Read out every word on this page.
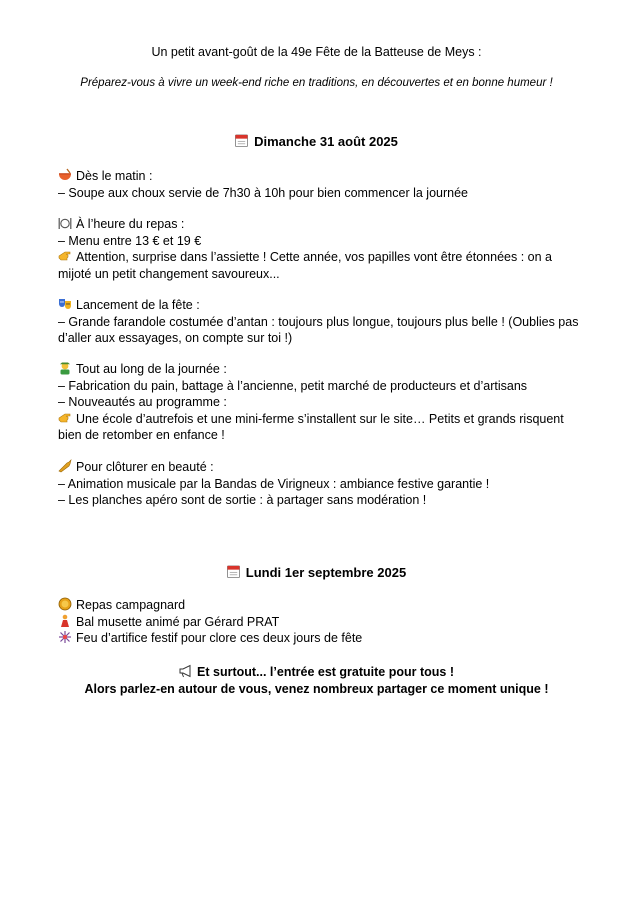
Un petit avant-goût de la 49e Fête de la Batteuse de Meys :
Préparez-vous à vivre un week-end riche en traditions, en découvertes et en bonne humeur !
Dimanche 31 août 2025
Dès le matin :
– Soupe aux choux servie de 7h30 à 10h pour bien commencer la journée
À l’heure du repas :
– Menu entre 13 € et 19 €
Attention, surprise dans l’assiette ! Cette année, vos papilles vont être étonnées : on a mijoté un petit changement savoureux...
Lancement de la fête :
– Grande farandole costumée d’antan : toujours plus longue, toujours plus belle ! (Oublies pas d’aller aux essayages, on compte sur toi !)
Tout au long de la journée :
– Fabrication du pain, battage à l’ancienne, petit marché de producteurs et d’artisans
– Nouveautés au programme :
Une école d’autrefois et une mini-ferme s’installent sur le site… Petits et grands risquent bien de retomber en enfance !
Pour clôturer en beauté :
– Animation musicale par la Bandas de Virigneux : ambiance festive garantie !
– Les planches apéro sont de sortie : à partager sans modération !
Lundi 1er septembre 2025
Repas campagnard
Bal musette animé par Gérard PRAT
Feu d’artifice festif pour clore ces deux jours de fête
Et surtout... l’entrée est gratuite pour tous !
Alors parlez-en autour de vous, venez nombreux partager ce moment unique !
